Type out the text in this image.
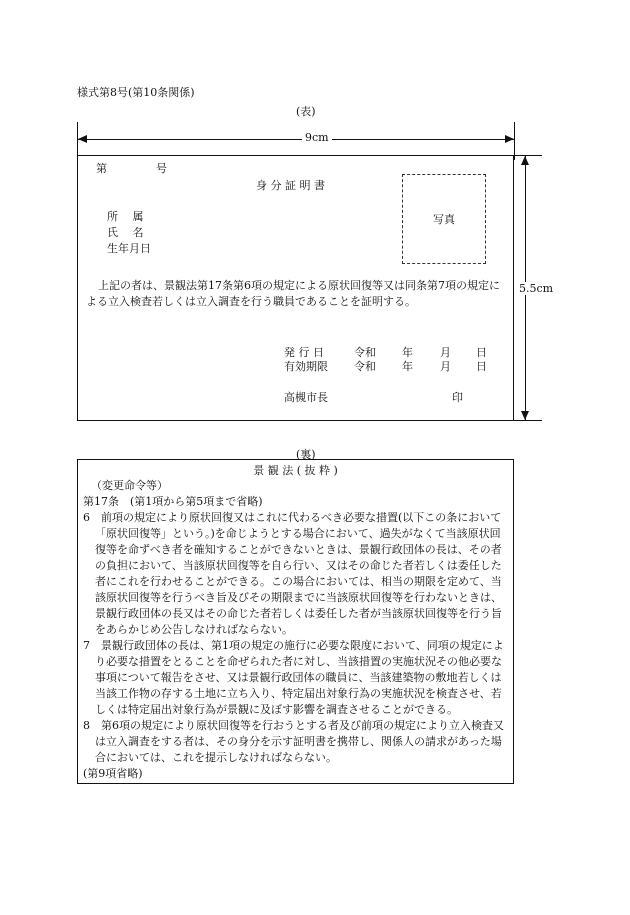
様式第8号(第10条関係)
(表)
9cm
5.5cm
第	号
身 分 証 明 書
写真
所　 属
氏　 名
生年月日
上記の者は、景観法第17条第6項の規定による原状回復等又は同条第7項の規定による立入検査若しくは立入調査を行う職員であることを証明する。
発 行 日	令和 年 月 日
有効期限 令和 年 月 日
高槻市長	印
(裏)
景 観 法 ( 抜 粋 )

（変更命令等）

第17条　(第1項から第5項まで省略)

6　前項の規定により原状回復又はこれに代わるべき必要な措置(以下この条において「原状回復等」という。)を命じようとする場合において、過失がなくて当該原状回復等を命ずべき者を確知することができないときは、景観行政団体の長は、その者の負担において、当該原状回復等を自ら行い、又はその命じた者若しくは委任した者にこれを行わせることができる。この場合においては、相当の期限を定めて、当該原状回復等を行うべき旨及びその期限までに当該原状回復等を行わないときは、景観行政団体の長又はその命じた者若しくは委任した者が当該原状回復等を行う旨をあらかじめ公告しなければならない。

7　景観行政団体の長は、第1項の規定の施行に必要な限度において、同項の規定により必要な措置をとることを命ぜられた者に対し、当該措置の実施状況その他必要な事項について報告をさせ、又は景観行政団体の職員に、当該建築物の敷地若しくは当該工作物の存する土地に立ち入り、特定届出対象行為の実施状況を検査させ、若しくは特定届出対象行為が景観に及ぼす影響を調査させることができる。

8　第6項の規定により原状回復等を行おうとする者及び前項の規定により立入検査又は立入調査をする者は、その身分を示す証明書を携帯し、関係人の請求があった場合においては、これを提示しなければならない。

(第9項省略)
